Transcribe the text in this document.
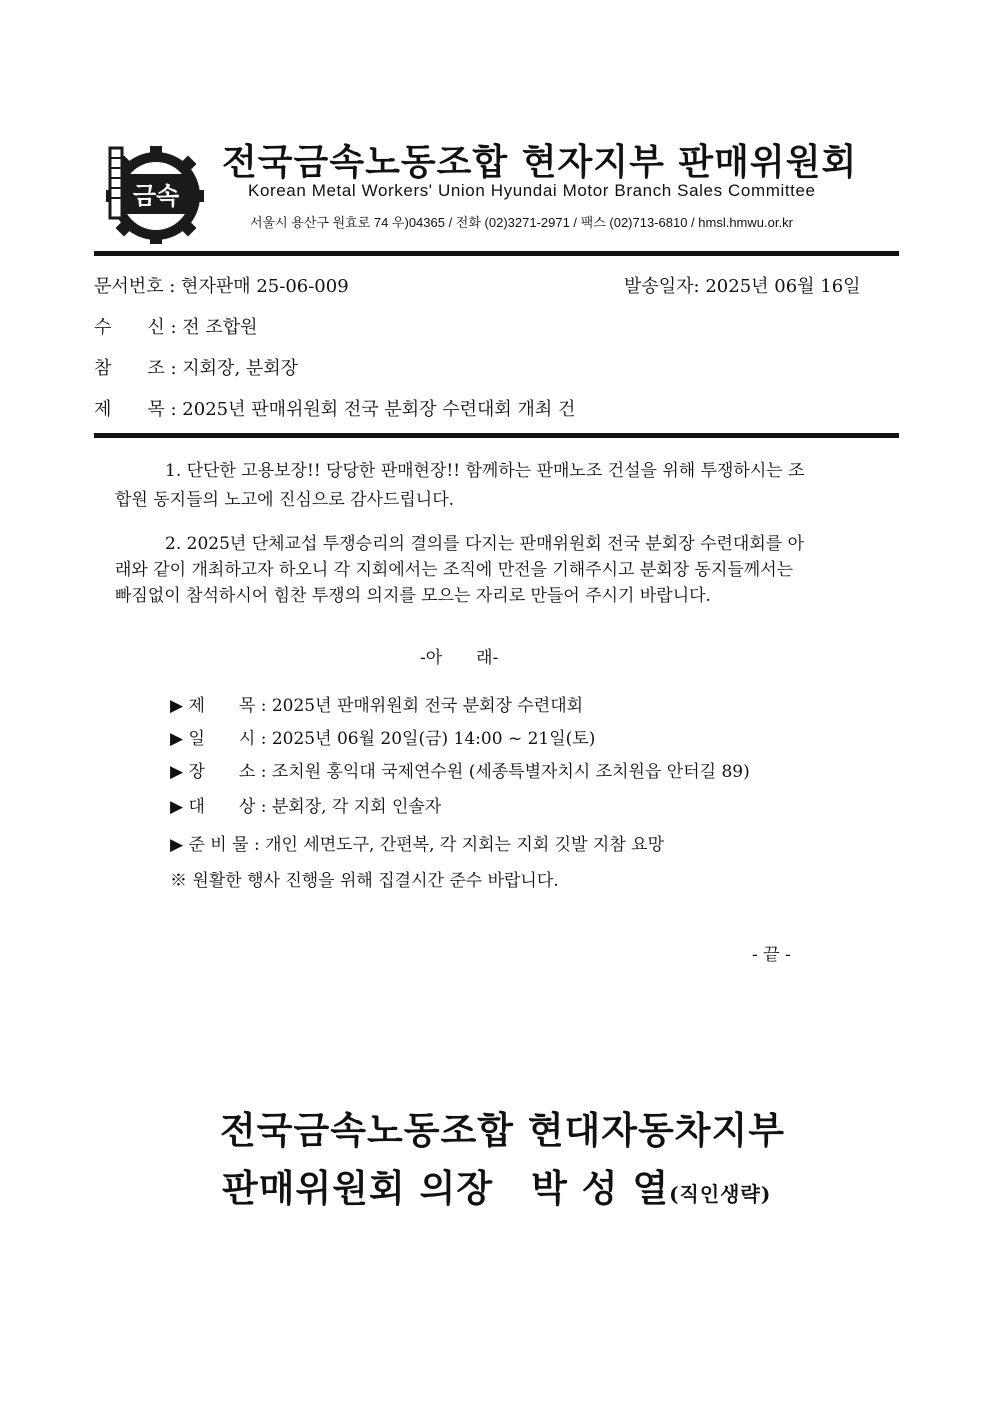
금속
전국금속노동조합 현자지부 판매위원회
Korean Metal Workers' Union Hyundai Motor Branch Sales Committee
서울시 용산구 원효로 74 우)04365 / 전화 (02)3271-2971 / 팩스 (02)713-6810 / hmsl.hmwu.or.kr
문서번호 : 현자판매 25-06-009	발송일자: 2025년 06월 16일
수　　신 : 전 조합원
참　　조 : 지회장, 분회장
제　　목 : 2025년 판매위원회 전국 분회장 수련대회 개최 건
1. 단단한 고용보장!! 당당한 판매현장!! 함께하는 판매노조 건설을 위해 투쟁하시는 조
합원 동지들의 노고에 진심으로 감사드립니다.
2. 2025년 단체교섭 투쟁승리의 결의를 다지는 판매위원회 전국 분회장 수련대회를 아
래와 같이 개최하고자 하오니 각 지회에서는 조직에 만전을 기해주시고 분회장 동지들께서는
빠짐없이 참석하시어 힘찬 투쟁의 의지를 모으는 자리로 만들어 주시기 바랍니다.
-아　　래-
▶ 제　　목 : 2025년 판매위원회 전국 분회장 수련대회
▶ 일　　시 : 2025년 06월 20일(금) 14:00 ~ 21일(토)
▶ 장　　소 : 조치원 홍익대 국제연수원 (세종특별자치시 조치원읍 안터길 89)
▶ 대　　상 : 분회장, 각 지회 인솔자
▶ 준 비 물 : 개인 세면도구, 간편복, 각 지회는 지회 깃발 지참 요망
※ 원활한 행사 진행을 위해 집결시간 준수 바랍니다.
- 끝 -
전국금속노동조합 현대자동차지부
판매위원회 의장　박 성 열(직인생략)
